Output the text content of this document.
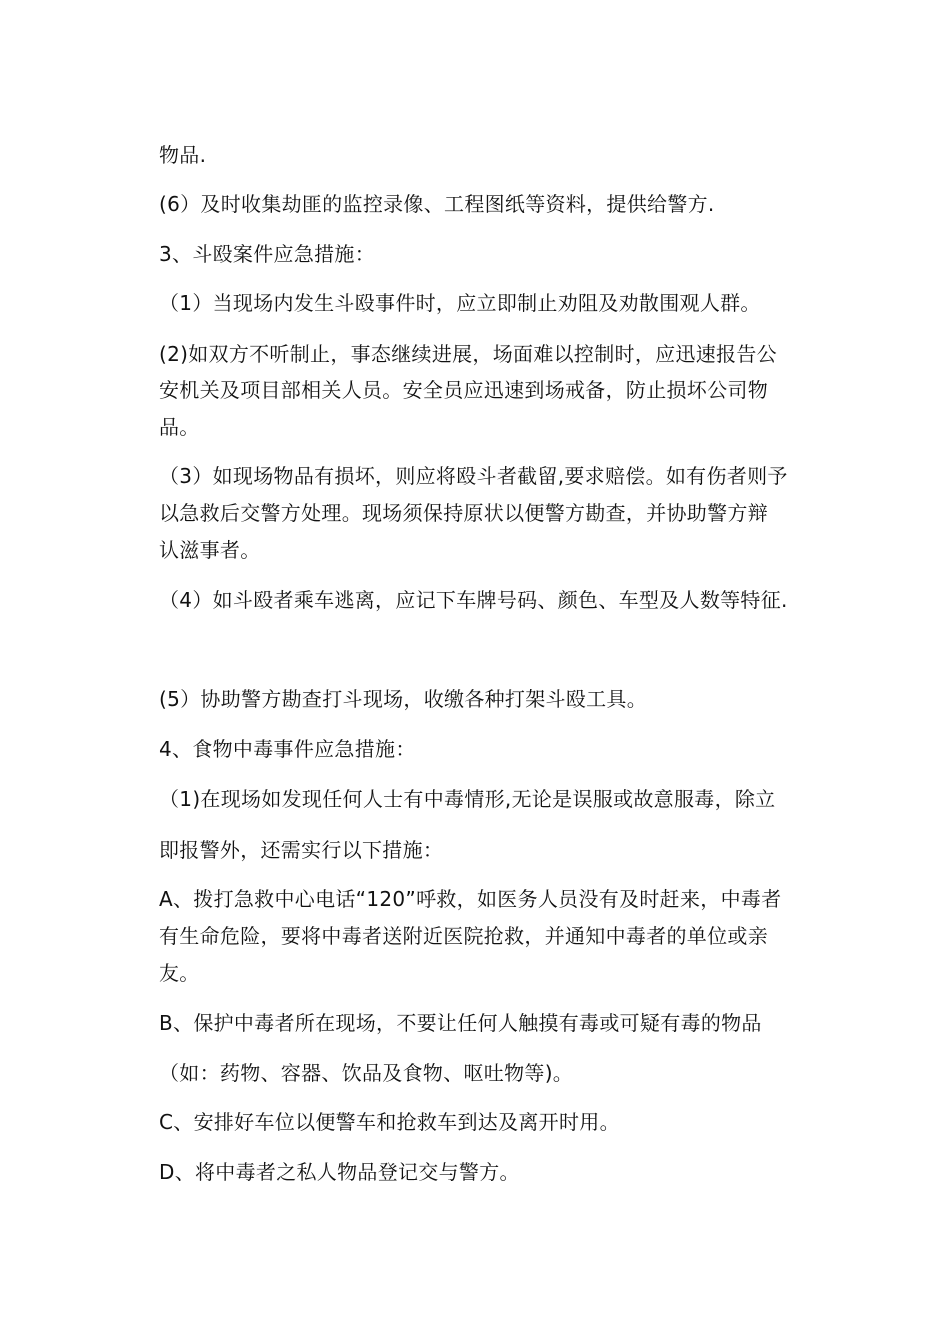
物品.
(6）及时收集劫匪的监控录像、工程图纸等资料，提供给警方.
3、斗殴案件应急措施：
（1）当现场内发生斗殴事件时，应立即制止劝阻及劝散围观人群。
(2)如双方不听制止，事态继续进展，场面难以控制时，应迅速报告公
安机关及项目部相关人员。安全员应迅速到场戒备，防止损坏公司物
品。
（3）如现场物品有损坏，则应将殴斗者截留,要求赔偿。如有伤者则予
以急救后交警方处理。现场须保持原状以便警方勘查，并协助警方辩
认滋事者。
（4）如斗殴者乘车逃离，应记下车牌号码、颜色、车型及人数等特征.
(5）协助警方勘查打斗现场，收缴各种打架斗殴工具。
4、食物中毒事件应急措施：
（1)在现场如发现任何人士有中毒情形,无论是误服或故意服毒，除立
即报警外，还需实行以下措施：
A、拨打急救中心电话“120”呼救，如医务人员没有及时赶来，中毒者
有生命危险，要将中毒者送附近医院抢救，并通知中毒者的单位或亲
友。
B、保护中毒者所在现场，不要让任何人触摸有毒或可疑有毒的物品
（如：药物、容器、饮品及食物、呕吐物等)。
C、安排好车位以便警车和抢救车到达及离开时用。
D、将中毒者之私人物品登记交与警方。
